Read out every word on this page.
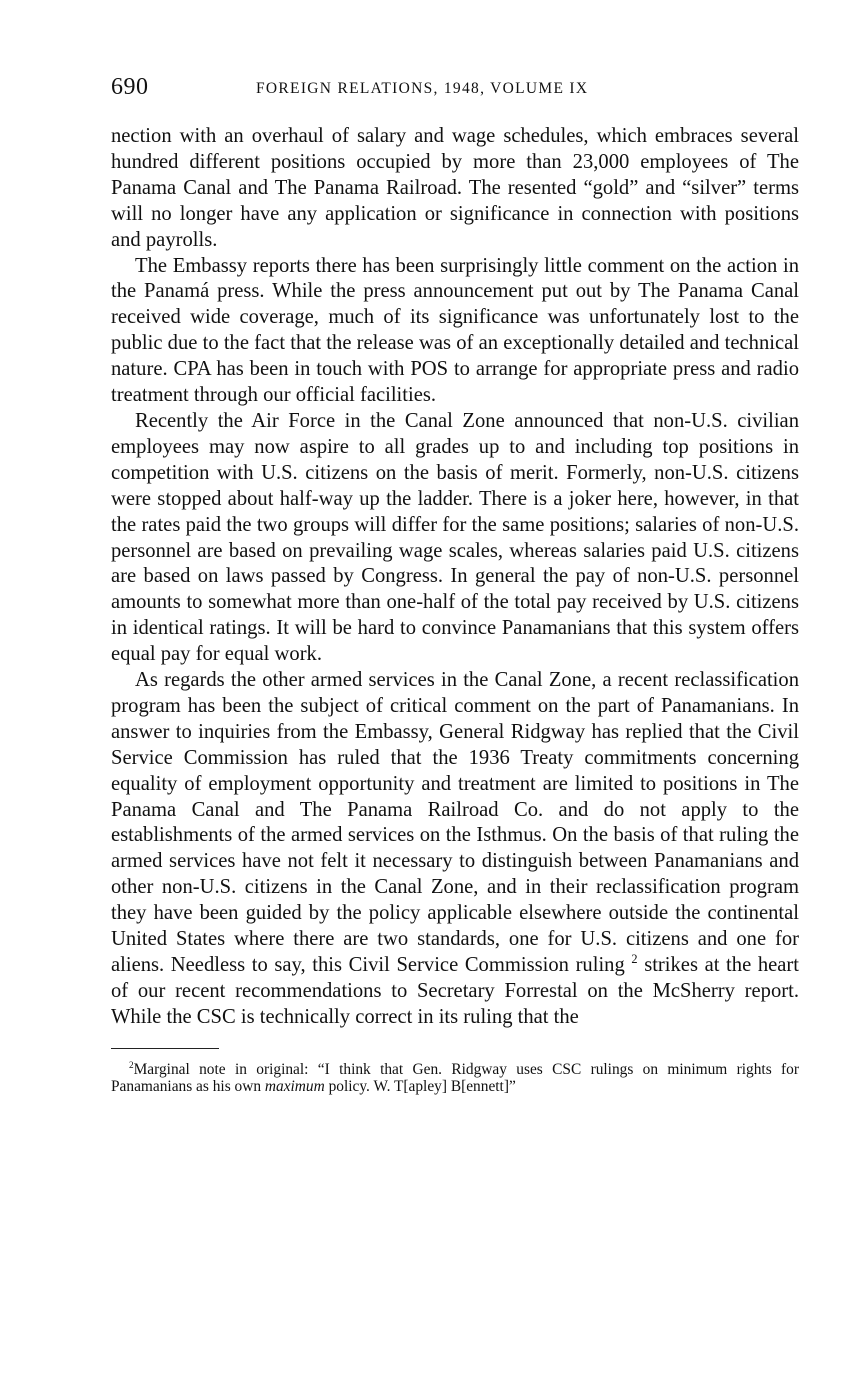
690	FOREIGN RELATIONS, 1948, VOLUME IX

nection with an overhaul of salary and wage schedules, which embraces several hundred different positions occupied by more than 23,000 employees of The Panama Canal and The Panama Railroad. The resented “gold” and “silver” terms will no longer have any application or significance in connection with positions and payrolls.

The Embassy reports there has been surprisingly little comment on the action in the Panamá press. While the press announcement put out by The Panama Canal received wide coverage, much of its significance was unfortunately lost to the public due to the fact that the release was of an exceptionally detailed and technical nature. CPA has been in touch with POS to arrange for appropriate press and radio treatment through our official facilities.

Recently the Air Force in the Canal Zone announced that non-U.S. civilian employees may now aspire to all grades up to and including top positions in competition with U.S. citizens on the basis of merit. Formerly, non-U.S. citizens were stopped about half-way up the ladder. There is a joker here, however, in that the rates paid the two groups will differ for the same positions; salaries of non-U.S. personnel are based on prevailing wage scales, whereas salaries paid U.S. citizens are based on laws passed by Congress. In general the pay of non-U.S. personnel amounts to somewhat more than one-half of the total pay received by U.S. citizens in identical ratings. It will be hard to convince Panamanians that this system offers equal pay for equal work.

As regards the other armed services in the Canal Zone, a recent reclassification program has been the subject of critical comment on the part of Panamanians. In answer to inquiries from the Embassy, General Ridgway has replied that the Civil Service Commission has ruled that the 1936 Treaty commitments concerning equality of employment opportunity and treatment are limited to positions in The Panama Canal and The Panama Railroad Co. and do not apply to the establishments of the armed services on the Isthmus. On the basis of that ruling the armed services have not felt it necessary to distinguish between Panamanians and other non-U.S. citizens in the Canal Zone, and in their reclassification program they have been guided by the policy applicable elsewhere outside the continental United States where there are two standards, one for U.S. citizens and one for aliens. Needless to say, this Civil Service Commission ruling $^2$ strikes at the heart of our recent recommendations to Secretary Forrestal on the McSherry report. While the CSC is technically correct in its ruling that the

$^2$Marginal note in original: “I think that Gen. Ridgway uses CSC rulings on minimum rights for Panamanians as his own maximum policy. W. T[apley] B[ennett]”
